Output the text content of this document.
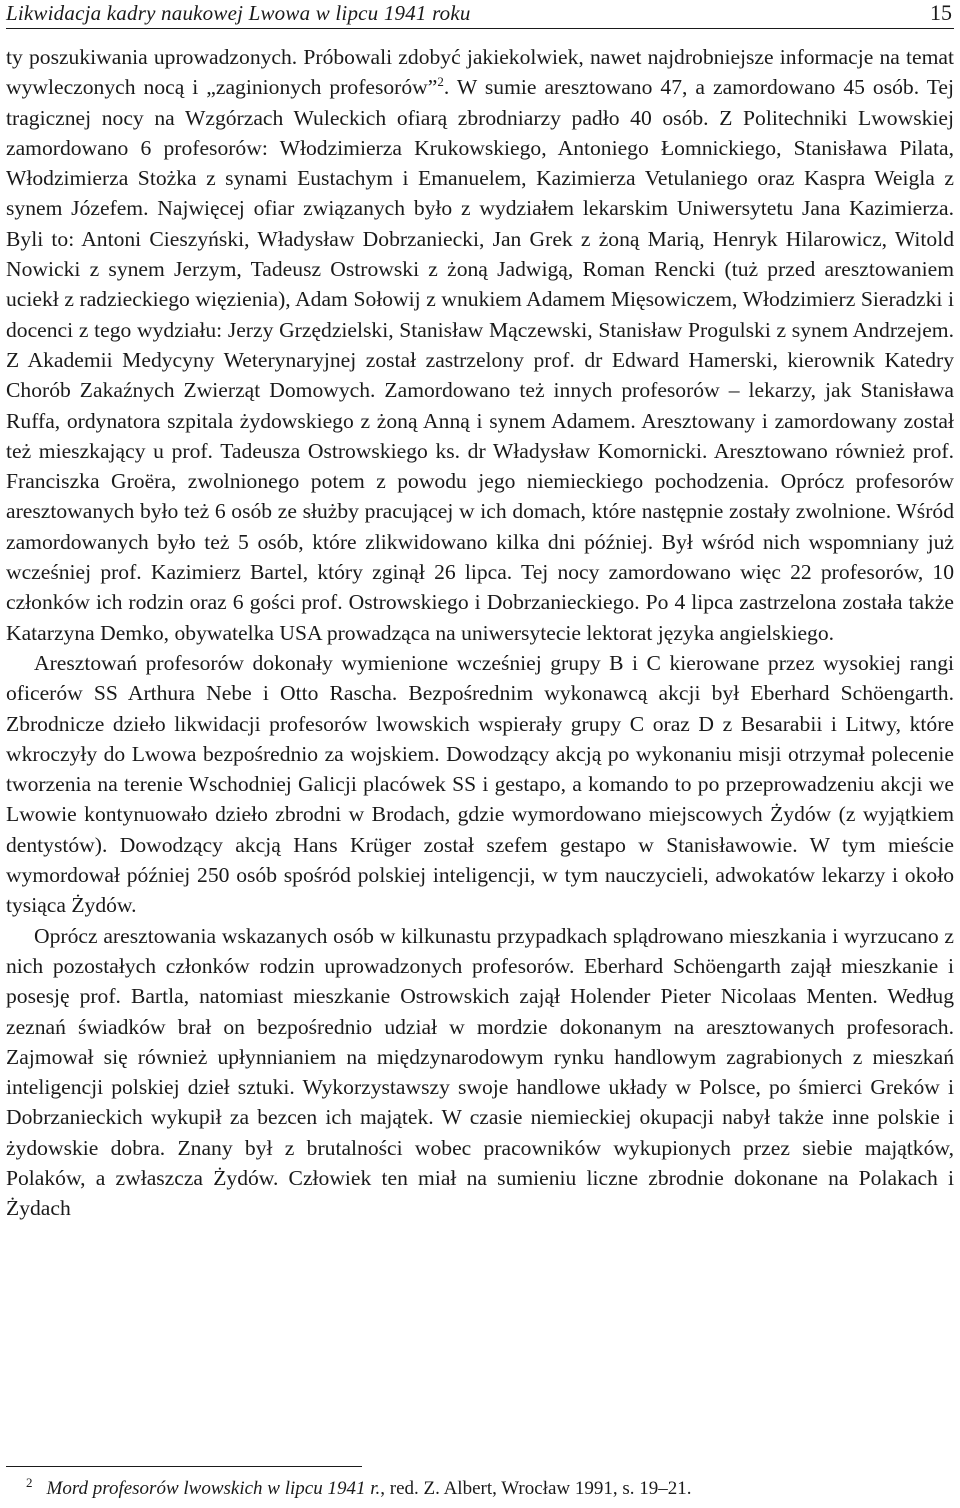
Likwidacja kadry naukowej Lwowa w lipcu 1941 roku	15

ty poszukiwania uprowadzonych. Próbowali zdobyć jakiekolwiek, nawet najdrobniejsze informacje na temat wywleczonych nocą i „zaginionych profesorów”$^2$. W sumie aresztowano 47, a zamordowano 45 osób. Tej tragicznej nocy na Wzgórzach Wuleckich ofiarą zbrodniarzy padło 40 osób. Z Politechniki Lwowskiej zamordowano 6 profesorów: Włodzimierza Krukowskiego, Antoniego Łomnickiego, Stanisława Pilata, Włodzimierza Stożka z synami Eustachym i Emanuelem, Kazimierza Vetulaniego oraz Kaspra Weigla z synem Józefem. Najwięcej ofiar związanych było z wydziałem lekarskim Uniwersytetu Jana Kazimierza. Byli to: Antoni Cieszyński, Władysław Dobrzaniecki, Jan Grek z żoną Marią, Henryk Hilarowicz, Witold Nowicki z synem Jerzym, Tadeusz Ostrowski z żoną Jadwigą, Roman Rencki (tuż przed aresztowaniem uciekł z radzieckiego więzienia), Adam Sołowij z wnukiem Adamem Mięsowiczem, Włodzimierz Sieradzki i docenci z tego wydziału: Jerzy Grzędzielski, Stanisław Mączewski, Stanisław Progulski z synem Andrzejem. Z Akademii Medycyny Weterynaryjnej został zastrzelony prof. dr Edward Hamerski, kierownik Katedry Chorób Zakaźnych Zwierząt Domowych. Zamordowano też innych profesorów – lekarzy, jak Stanisława Ruffa, ordynatora szpitala żydowskiego z żoną Anną i synem Adamem. Aresztowany i zamordowany został też mieszkający u prof. Tadeusza Ostrowskiego ks. dr Władysław Komornicki. Aresztowano również prof. Franciszka Groëra, zwolnionego potem z powodu jego niemieckiego pochodzenia. Oprócz profesorów aresztowanych było też 6 osób ze służby pracującej w ich domach, które następnie zostały zwolnione. Wśród zamordowanych było też 5 osób, które zlikwidowano kilka dni później. Był wśród nich wspomniany już wcześniej prof. Kazimierz Bartel, który zginął 26 lipca. Tej nocy zamordowano więc 22 profesorów, 10 członków ich rodzin oraz 6 gości prof. Ostrowskiego i Dobrzanieckiego. Po 4 lipca zastrzelona została także Katarzyna Demko, obywatelka USA prowadząca na uniwersytecie lektorat języka angielskiego.

Aresztowań profesorów dokonały wymienione wcześniej grupy B i C kierowane przez wysokiej rangi oficerów SS Arthura Nebe i Otto Rascha. Bezpośrednim wykonawcą akcji był Eberhard Schöengarth. Zbrodnicze dzieło likwidacji profesorów lwowskich wspierały grupy C oraz D z Besarabii i Litwy, które wkroczyły do Lwowa bezpośrednio za wojskiem. Dowodzący akcją po wykonaniu misji otrzymał polecenie tworzenia na terenie Wschodniej Galicji placówek SS i gestapo, a komando to po przeprowadzeniu akcji we Lwowie kontynuowało dzieło zbrodni w Brodach, gdzie wymordowano miejscowych Żydów (z wyjątkiem dentystów). Dowodzący akcją Hans Krüger został szefem gestapo w Stanisławowie. W tym mieście wymordował później 250 osób spośród polskiej inteligencji, w tym nauczycieli, adwokatów lekarzy i około tysiąca Żydów.

Oprócz aresztowania wskazanych osób w kilkunastu przypadkach splądrowano mieszkania i wyrzucano z nich pozostałych członków rodzin uprowadzonych profesorów. Eberhard Schöengarth zajął mieszkanie i posesję prof. Bartla, natomiast mieszkanie Ostrowskich zajął Holender Pieter Nicolaas Menten. Według zeznań świadków brał on bezpośrednio udział w mordzie dokonanym na aresztowanych profesorach. Zajmował się również upłynnianiem na międzynarodowym rynku handlowym zagrabionych z mieszkań inteligencji polskiej dzieł sztuki. Wykorzystawszy swoje handlowe układy w Polsce, po śmierci Greków i Dobrzanieckich wykupił za bezcen ich majątek. W czasie niemieckiej okupacji nabył także inne polskie i żydowskie dobra. Znany był z brutalności wobec pracowników wykupionych przez siebie majątków, Polaków, a zwłaszcza Żydów. Człowiek ten miał na sumieniu liczne zbrodnie dokonane na Polakach i Żydach

$^2$ Mord profesorów lwowskich w lipcu 1941 r., red. Z. Albert, Wrocław 1991, s. 19–21.
